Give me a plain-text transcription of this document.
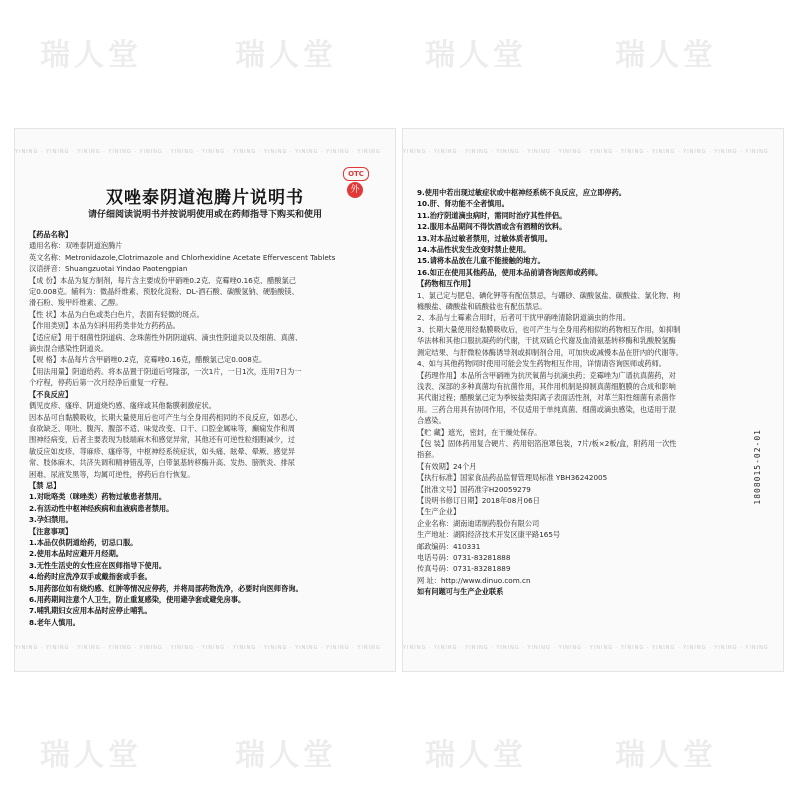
瑞人堂	瑞人堂	瑞人堂	瑞人堂
瑞人堂	瑞人堂	瑞人堂	瑞人堂
YINING · YINING · YINING · YINING · YINING · YINING · YINING · YINING · YINING · YINING · YINING · YINING
OTC
外
双唑泰阴道泡腾片说明书
请仔细阅读说明书并按说明使用或在药师指导下购买和使用

【药品名称】

通用名称：双唑泰阴道泡腾片

英文名称：Metronidazole,Clotrimazole and Chlorhexidine Acetate Effervescent Tablets

汉语拼音：Shuangzuotai Yindao Paotengpian

【成 份】本品为复方制剂，每片含主要成份甲硝唑0.2克、克霉唑0.16克、醋酸氯己

定0.008克。辅料为：微晶纤维素、预胶化淀粉、DL-酒石酸、碳酸氢钠、硬脂酸镁、

滑石粉、羧甲纤维素、乙醇。

【性 状】本品为白色或类白色片，表面有轻微的斑点。

【作用类别】本品为妇科用药类非处方药药品。

【适应症】用于细菌性阴道病、念珠菌性外阴阴道病、滴虫性阴道炎以及细菌、真菌、

滴虫混合感染性阴道炎。

【规 格】本品每片含甲硝唑0.2克，克霉唑0.16克，醋酸氯己定0.008克。

【用法用量】阴道给药。将本品置于阴道后穹隆部，一次1片，一日1次，连用7日为一

个疗程，停药后第一次月经净后重复一疗程。

【不良反应】

偶见皮疹、瘙痒、阴道烧灼感、瘙痒或其他黏膜刺激症状。

因本品可自黏膜吸收，长期大量使用后也可产生与全身用药相同的不良反应，如恶心、

食欲缺乏、呕吐、腹泻、腹部不适、味觉改变、口干、口腔金属味等，癫痫发作和周

围神经病变，后者主要表现为肢端麻木和感觉异常，其他还有可逆性粒细胞减少，过

敏反应如皮疹、荨麻疹、瘙痒等，中枢神经系统症状，如头痛、眩晕、晕厥、感觉异

常、肢体麻木、共济失调和精神错乱等，白带氯基转移酶升高、发热、膀胱炎、排尿

困难、尿液发黑等，均属可逆性，停药后自行恢复。

【禁 忌】

1.对吡咯类（咪唑类）药物过敏患者禁用。

2.有活动性中枢神经疾病和血液病患者禁用。

3.孕妇禁用。

【注意事项】

1.本品仅供阴道给药，切忌口服。

2.使用本品时应避开月经期。

3.无性生活史的女性应在医师指导下使用。

4.给药时应洗净双手或戴指套或手套。

5.用药部位如有烧灼感、红肿等情况应停药，并将局部药物洗净，必要时向医师咨询。

6.用药期间注意个人卫生，防止重复感染，使用避孕套或避免房事。

7.哺乳期妇女应用本品时应停止哺乳。

8.老年人慎用。

YINING · YINING · YINING · YINING · YINING · YINING · YINING · YINING · YINING · YINING · YINING · YINING
YINING · YINING · YINING · YINING · YINING · YINING · YINING · YINING · YINING · YINING · YINING · YINING

9.使用中若出现过敏症状或中枢神经系统不良反应，应立即停药。

10.肝、肾功能不全者慎用。

11.治疗阴道滴虫病时，需同时治疗其性伴侣。

12.服用本品期间不得饮酒或含有酒精的饮料。

13.对本品过敏者禁用，过敏体质者慎用。

14.本品性状发生改变时禁止使用。

15.请将本品放在儿童不能接触的地方。

16.如正在使用其他药品，使用本品前请咨询医师或药师。

【药物相互作用】

1、氯己定与肥皂、碘化钾等有配伍禁忌，与硼砂、碳酸氢盐、碳酸盐、氯化物、枸

橼酸盐、磷酸盐和硫酸盐也有配伍禁忌。

2、本品与土霉素合用时，后者可干扰甲硝唑清除阴道滴虫的作用。

3、长期大量使用经黏膜吸收后，也可产生与全身用药相似的药物相互作用，如抑制

华法林和其他口服抗凝药的代谢，干扰双硫仑代谢及血清氨基转移酶和乳酸脱氢酶

测定结果、与肝微粒体酶诱导剂或抑制剂合用，可加快或减慢本品在肝内的代谢等。

4、如与其他药物同时使用可能会发生药物相互作用，详情请咨询医师或药师。

【药理作用】本品所含甲硝唑为抗厌氧菌与抗滴虫药；克霉唑为广谱抗真菌药，对

浅表、深部的多种真菌均有抗菌作用，其作用机制是抑制真菌细胞膜的合成和影响

其代谢过程；醋酸氯己定为季铵盐类阳离子表面活性剂，对革兰阳性细菌有杀菌作

用。三药合用具有协同作用，不仅适用于单纯真菌、细菌或滴虫感染，也适用于混

合感染。

【贮 藏】遮光，密封，在干燥处保存。

【包 装】固体药用复合硬片、药用铝箔泡罩包装，7片/板×2板/盒，附药用一次性

指套。

【有效期】24个月

【执行标准】国家食品药品监督管理局标准 YBH36242005

【批准文号】国药准字H20059279

【说明书修订日期】2018年08月06日

【生产企业】

企业名称：湖南迪诺制药股份有限公司

生产地址：湖阳经济技术开发区康平路165号

邮政编码：410331

电话号码：0731-83281888

传真号码：0731-83281889

网 址：http://www.dinuo.com.cn

如有问题可与生产企业联系

1808015-02-01
YINING · YINING · YINING · YINING · YINING · YINING · YINING · YINING · YINING · YINING · YINING · YINING
